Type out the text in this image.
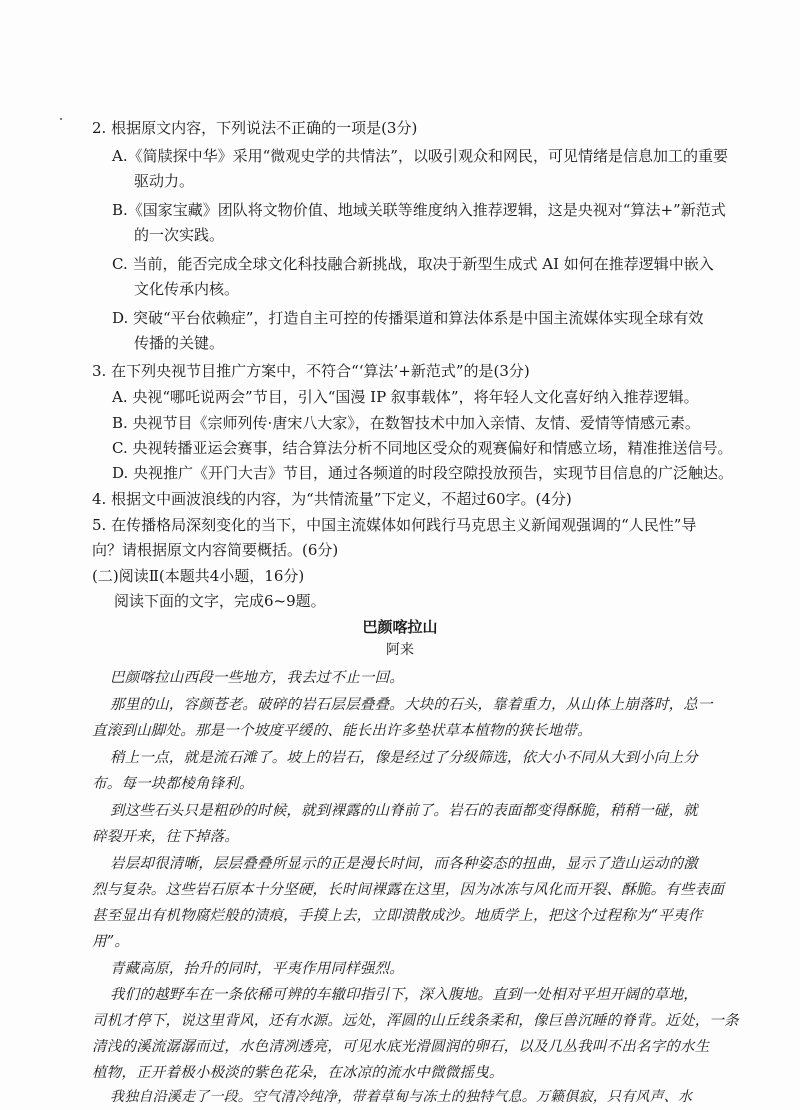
2. 根据原文内容，下列说法不正确的一项是(3分)
A.《简牍探中华》采用“微观史学的共情法”，以吸引观众和网民，可见情绪是信息加工的重要
驱动力。
B.《国家宝藏》团队将文物价值、地域关联等维度纳入推荐逻辑，这是央视对“算法+”新范式
的一次实践。
C. 当前，能否完成全球文化科技融合新挑战，取决于新型生成式 AI 如何在推荐逻辑中嵌入
文化传承内核。
D. 突破“平台依赖症”，打造自主可控的传播渠道和算法体系是中国主流媒体实现全球有效
传播的关键。
3. 在下列央视节目推广方案中，不符合“‘算法’+新范式”的是(3分)
A. 央视“哪吒说两会”节目，引入“国漫 IP 叙事载体”，将年轻人文化喜好纳入推荐逻辑。
B. 央视节目《宗师列传·唐宋八大家》，在数智技术中加入亲情、友情、爱情等情感元素。
C. 央视转播亚运会赛事，结合算法分析不同地区受众的观赛偏好和情感立场，精准推送信号。
D. 央视推广《开门大吉》节目，通过各频道的时段空隙投放预告，实现节目信息的广泛触达。
4. 根据文中画波浪线的内容，为“共情流量”下定义，不超过60字。(4分)
5. 在传播格局深刻变化的当下，中国主流媒体如何践行马克思主义新闻观强调的“人民性”导
向？请根据原文内容简要概括。(6分)
(二)阅读Ⅱ(本题共4小题，16分)
阅读下面的文字，完成6~9题。
巴颜喀拉山
阿来
巴颜喀拉山西段一些地方，我去过不止一回。
那里的山，容颜苍老。破碎的岩石层层叠叠。大块的石头，靠着重力，从山体上崩落时，总一
直滚到山脚处。那是一个坡度平缓的、能长出许多垫状草本植物的狭长地带。
稍上一点，就是流石滩了。坡上的岩石，像是经过了分级筛选，依大小不同从大到小向上分
布。每一块都棱角锋利。
到这些石头只是粗砂的时候，就到裸露的山脊前了。岩石的表面都变得酥脆，稍稍一碰，就
碎裂开来，往下掉落。
岩层却很清晰，层层叠叠所显示的正是漫长时间，而各种姿态的扭曲，显示了造山运动的激
烈与复杂。这些岩石原本十分坚硬，长时间裸露在这里，因为冰冻与风化而开裂、酥脆。有些表面
甚至显出有机物腐烂般的渍痕，手摸上去，立即溃散成沙。地质学上，把这个过程称为“平夷作
用”。
青藏高原，抬升的同时，平夷作用同样强烈。
我们的越野车在一条依稀可辨的车辙印指引下，深入腹地。直到一处相对平坦开阔的草地，
司机才停下，说这里背风，还有水源。远处，浑圆的山丘线条柔和，像巨兽沉睡的脊背。近处，一条
清浅的溪流潺潺而过，水色清冽透亮，可见水底光滑圆润的卵石，以及几丛我叫不出名字的水生
植物，正开着极小极淡的紫色花朵，在冰凉的流水中微微摇曳。
我独自沿溪走了一段。空气清冷纯净，带着草甸与冻土的独特气息。万籁俱寂，只有风声、水
